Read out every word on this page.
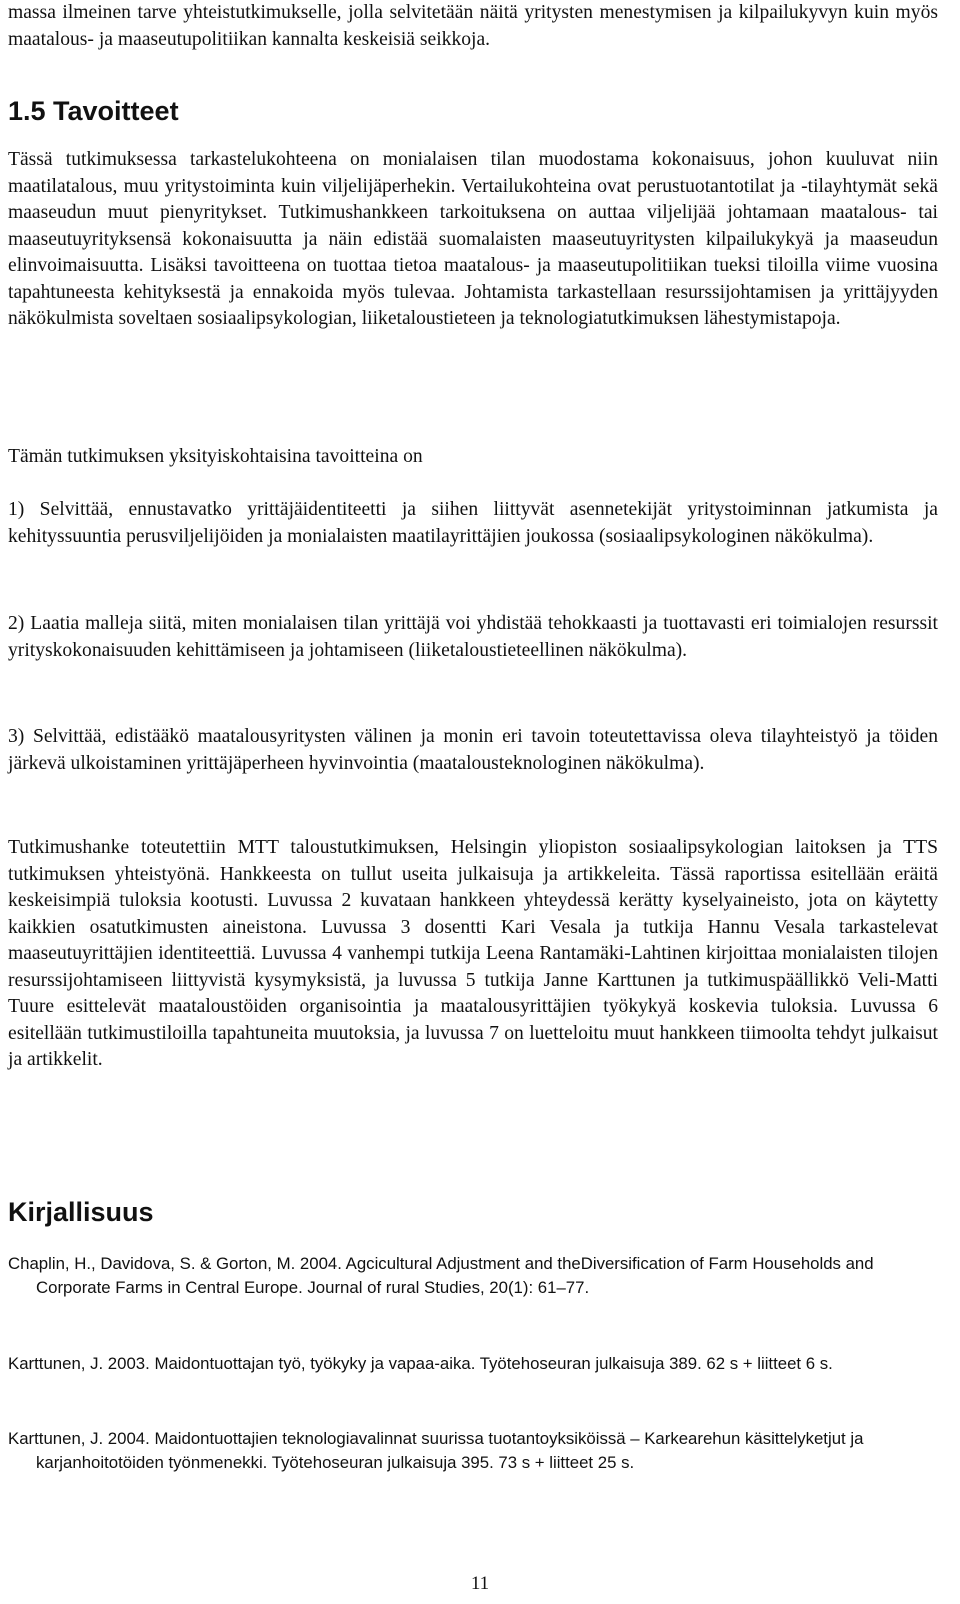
massa ilmeinen tarve yhteistutkimukselle, jolla selvitetään näitä yritysten menestymisen ja kilpailukyvyn kuin myös maatalous- ja maaseutupolitiikan kannalta keskeisiä seikkoja.

1.5 Tavoitteet

Tässä tutkimuksessa tarkastelukohteena on monialaisen tilan muodostama kokonaisuus, johon kuuluvat niin maatilatalous, muu yritystoiminta kuin viljelijäperhekin. Vertailukohteina ovat perustuotantotilat ja -tilayhtymät sekä maaseudun muut pienyritykset. Tutkimushankkeen tarkoituksena on auttaa viljelijää johtamaan maatalous- tai maaseutuyrityksensä kokonaisuutta ja näin edistää suomalaisten maaseutuyritysten kilpailukykyä ja maaseudun elinvoimaisuutta. Lisäksi tavoitteena on tuottaa tietoa maatalous- ja maaseutupolitiikan tueksi tiloilla viime vuosina tapahtuneesta kehityksestä ja ennakoida myös tulevaa. Johtamista tarkastellaan resurssijohtamisen ja yrittäjyyden näkökulmista soveltaen sosiaalipsykologian, liiketaloustieteen ja teknologiatutkimuksen lähestymistapoja.

Tämän tutkimuksen yksityiskohtaisina tavoitteina on

1) Selvittää, ennustavatko yrittäjäidentiteetti ja siihen liittyvät asennetekijät yritystoiminnan jatkumista ja kehityssuuntia perusviljelijöiden ja monialaisten maatilayrittäjien joukossa (sosiaalipsykologinen näkökulma).

2) Laatia malleja siitä, miten monialaisen tilan yrittäjä voi yhdistää tehokkaasti ja tuottavasti eri toimialojen resurssit yrityskokonaisuuden kehittämiseen ja johtamiseen (liiketaloustieteellinen näkökulma).

3) Selvittää, edistääkö maatalousyritysten välinen ja monin eri tavoin toteutettavissa oleva tilayhteistyö ja töiden järkevä ulkoistaminen yrittäjäperheen hyvinvointia (maatalousteknologinen näkökulma).

Tutkimushanke toteutettiin MTT taloustutkimuksen, Helsingin yliopiston sosiaalipsykologian laitoksen ja TTS tutkimuksen yhteistyönä. Hankkeesta on tullut useita julkaisuja ja artikkeleita. Tässä raportissa esitellään eräitä keskeisimpiä tuloksia kootusti. Luvussa 2 kuvataan hankkeen yhteydessä kerätty kyselyaineisto, jota on käytetty kaikkien osatutkimusten aineistona. Luvussa 3 dosentti Kari Vesala ja tutkija Hannu Vesala tarkastelevat maaseutuyrittäjien identiteettiä. Luvussa 4 vanhempi tutkija Leena Rantamäki-Lahtinen kirjoittaa monialaisten tilojen resurssijohtamiseen liittyvistä kysymyksistä, ja luvussa 5 tutkija Janne Karttunen ja tutkimuspäällikkö Veli-Matti Tuure esittelevät maataloustöiden organisointia ja maatalousyrittäjien työkykyä koskevia tuloksia. Luvussa 6 esitellään tutkimustiloilla tapahtuneita muutoksia, ja luvussa 7 on luetteloitu muut hankkeen tiimoolta tehdyt julkaisut ja artikkelit.

Kirjallisuus

Chaplin, H., Davidova, S. & Gorton, M. 2004. Agcicultural Adjustment and theDiversification of Farm Households and Corporate Farms in Central Europe. Journal of rural Studies, 20(1): 61–77.

Karttunen, J. 2003. Maidontuottajan työ, työkyky ja vapaa-aika. Työtehoseuran julkaisuja 389. 62 s + liitteet 6 s.

Karttunen, J. 2004. Maidontuottajien teknologiavalinnat suurissa tuotantoyksiköissä – Karkearehun käsittelyketjut ja karjanhoitotöiden työnmenekki. Työtehoseuran julkaisuja 395. 73 s + liitteet 25 s.

11
